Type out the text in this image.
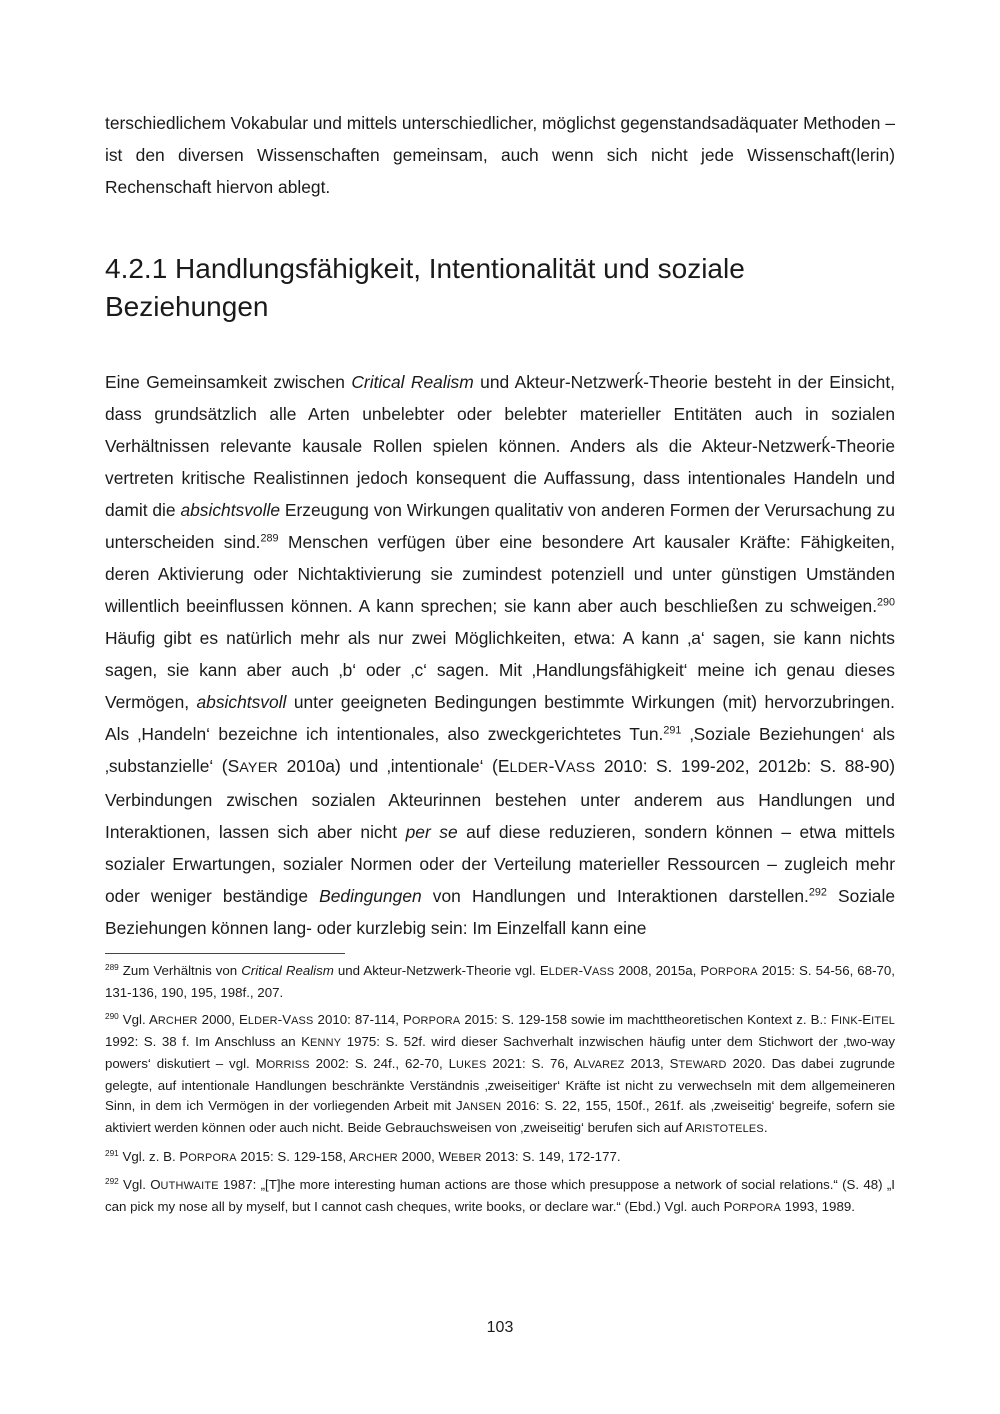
terschiedlichem Vokabular und mittels unterschiedlicher, möglichst gegenstandsadäquater Methoden – ist den diversen Wissenschaften gemeinsam, auch wenn sich nicht jede Wissenschaft(lerin) Rechenschaft hiervon ablegt.

4.2.1 Handlungsfähigkeit, Intentionalität und soziale Beziehungen

Eine Gemeinsamkeit zwischen Critical Realism und Akteur-Netzwerḱ-Theorie besteht in der Einsicht, dass grundsätzlich alle Arten unbelebter oder belebter materieller Entitäten auch in sozialen Verhältnissen relevante kausale Rollen spielen können. Anders als die Akteur-Netzwerḱ-Theorie vertreten kritische Realistinnen jedoch konsequent die Auffassung, dass intentionales Handeln und damit die absichtsvolle Erzeugung von Wirkungen qualitativ von anderen Formen der Verursachung zu unterscheiden sind.$^{289}$ Menschen verfügen über eine besondere Art kausaler Kräfte: Fähigkeiten, deren Aktivierung oder Nichtaktivierung sie zumindest potenziell und unter günstigen Umständen willentlich beeinflussen können. A kann sprechen; sie kann aber auch beschließen zu schweigen.$^{290}$ Häufig gibt es natürlich mehr als nur zwei Möglichkeiten, etwa: A kann ‚a‘ sagen, sie kann nichts sagen, sie kann aber auch ‚b‘ oder ‚c‘ sagen. Mit ‚Handlungsfähigkeit‘ meine ich genau dieses Vermögen, absichtsvoll unter geeigneten Bedingungen bestimmte Wirkungen (mit) hervorzubringen. Als ‚Handeln‘ bezeichne ich intentionales, also zweckgerichtetes Tun.$^{291}$ ‚Soziale Beziehungen‘ als ‚substanzielle‘ (SAYER 2010a) und ‚intentionale‘ (ELDER-VASS 2010: S. 199-202, 2012b: S. 88-90) Verbindungen zwischen sozialen Akteurinnen bestehen unter anderem aus Handlungen und Interaktionen, lassen sich aber nicht per se auf diese reduzieren, sondern können – etwa mittels sozialer Erwartungen, sozialer Normen oder der Verteilung materieller Ressourcen – zugleich mehr oder weniger beständige Bedingungen von Handlungen und Interaktionen darstellen.$^{292}$ Soziale Beziehungen können lang- oder kurzlebig sein: Im Einzelfall kann eine

$^{289}$ Zum Verhältnis von Critical Realism und Akteur-Netzwerk-Theorie vgl. ELDER-VASS 2008, 2015a, PORPORA 2015: S. 54-56, 68-70, 131-136, 190, 195, 198f., 207.

$^{290}$ Vgl. ARCHER 2000, ELDER-VASS 2010: 87-114, PORPORA 2015: S. 129-158 sowie im machttheoretischen Kontext z. B.: FINK-EITEL 1992: S. 38 f. Im Anschluss an KENNY 1975: S. 52f. wird dieser Sachverhalt inzwischen häufig unter dem Stichwort der ‚two-way powers‘ diskutiert – vgl. MORRISS 2002: S. 24f., 62-70, LUKES 2021: S. 76, ALVAREZ 2013, STEWARD 2020. Das dabei zugrunde gelegte, auf intentionale Handlungen beschränkte Verständnis ‚zweiseitiger‘ Kräfte ist nicht zu verwechseln mit dem allgemeineren Sinn, in dem ich Vermögen in der vorliegenden Arbeit mit JANSEN 2016: S. 22, 155, 150f., 261f. als ‚zweiseitig‘ begreife, sofern sie aktiviert werden können oder auch nicht. Beide Gebrauchsweisen von ‚zweiseitig‘ berufen sich auf ARISTOTELES.

$^{291}$ Vgl. z. B. PORPORA 2015: S. 129-158, ARCHER 2000, WEBER 2013: S. 149, 172-177.

$^{292}$ Vgl. OUTHWAITE 1987: „[T]he more interesting human actions are those which presuppose a network of social relations.“ (S. 48) „I can pick my nose all by myself, but I cannot cash cheques, write books, or declare war.“ (Ebd.) Vgl. auch PORPORA 1993, 1989.

103
